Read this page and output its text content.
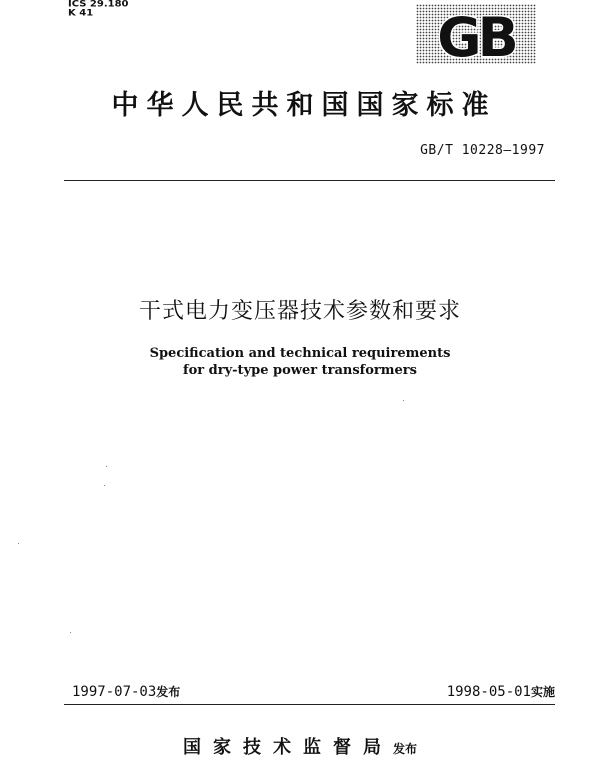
ICS 29.180
K 41	GB
中华人民共和国国家标准
GB/T 10228—1997
干式电力变压器技术参数和要求
Specification and technical requirements
for dry-type power transformers
1997-07-03发布	1998-05-01实施
国家技术监督局发布
